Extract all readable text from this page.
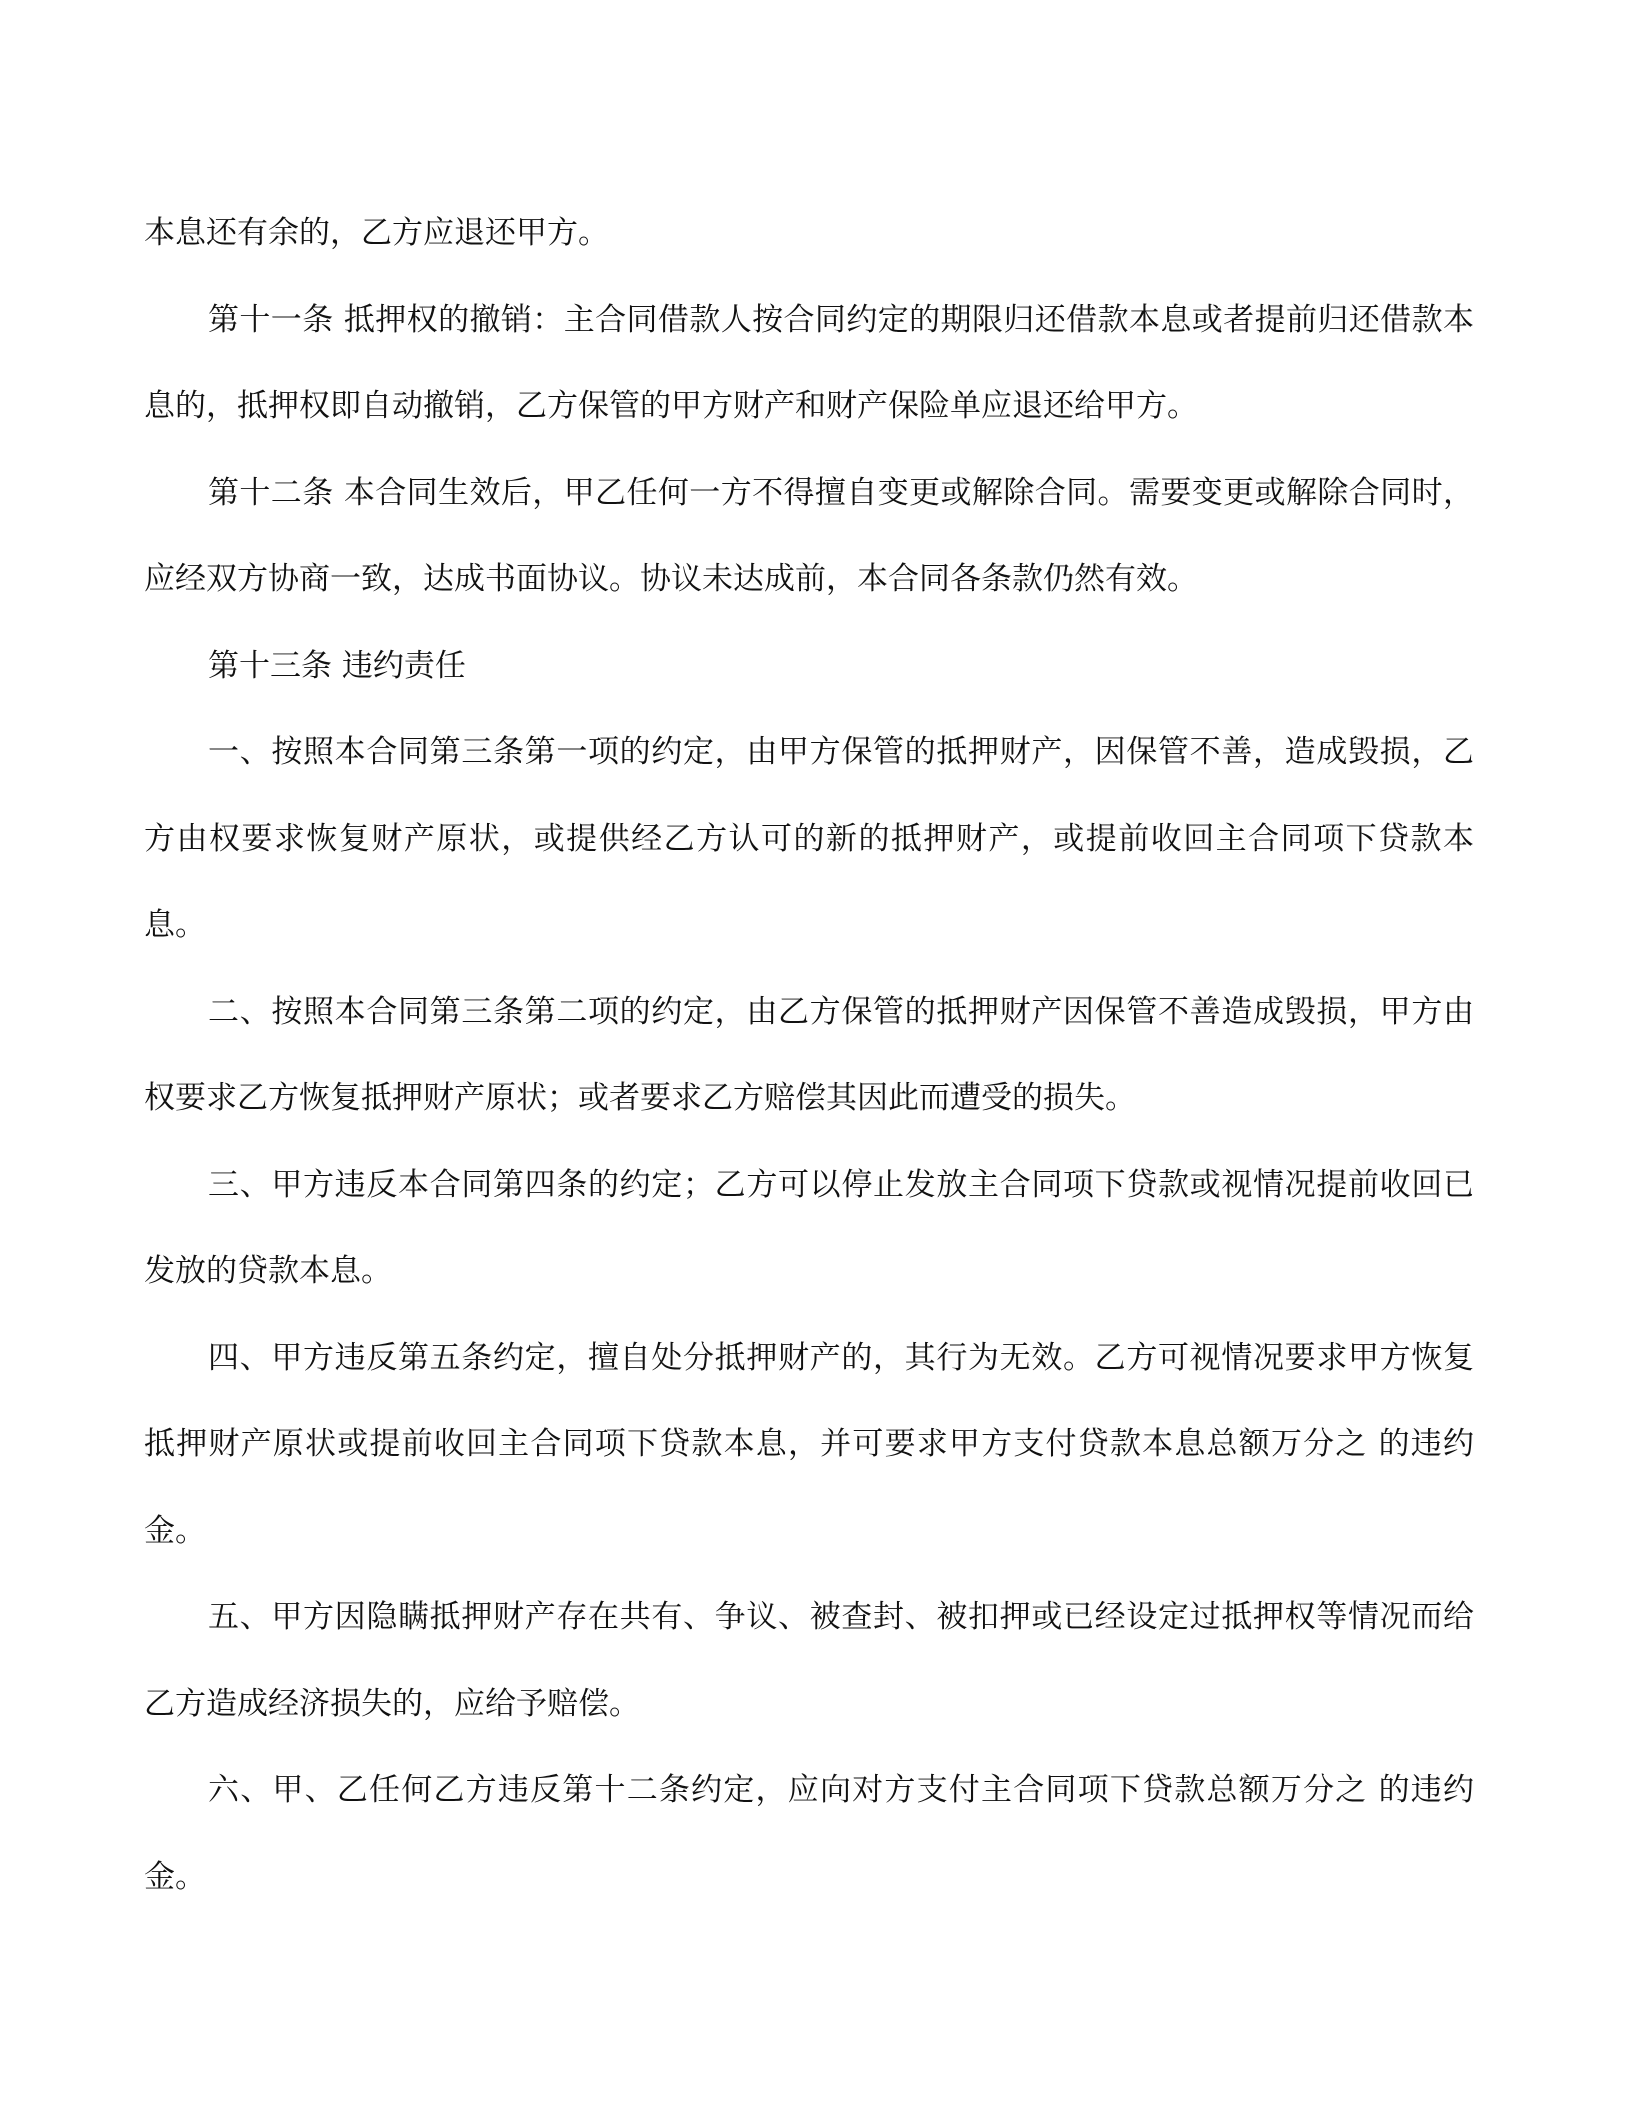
本息还有余的，乙方应退还甲方。

第十一条 抵押权的撤销：主合同借款人按合同约定的期限归还借款本息或者提前归还借款本息的，抵押权即自动撤销，乙方保管的甲方财产和财产保险单应退还给甲方。

第十二条 本合同生效后，甲乙任何一方不得擅自变更或解除合同。需要变更或解除合同时，应经双方协商一致，达成书面协议。协议未达成前，本合同各条款仍然有效。

第十三条 违约责任

一、按照本合同第三条第一项的约定，由甲方保管的抵押财产，因保管不善，造成毁损，乙方由权要求恢复财产原状，或提供经乙方认可的新的抵押财产，或提前收回主合同项下贷款本息。

二、按照本合同第三条第二项的约定，由乙方保管的抵押财产因保管不善造成毁损，甲方由权要求乙方恢复抵押财产原状；或者要求乙方赔偿其因此而遭受的损失。

三、甲方违反本合同第四条的约定；乙方可以停止发放主合同项下贷款或视情况提前收回已发放的贷款本息。

四、甲方违反第五条约定，擅自处分抵押财产的，其行为无效。乙方可视情况要求甲方恢复抵押财产原状或提前收回主合同项下贷款本息，并可要求甲方支付贷款本息总额万分之 的违约金。

五、甲方因隐瞒抵押财产存在共有、争议、被查封、被扣押或已经设定过抵押权等情况而给乙方造成经济损失的，应给予赔偿。

六、甲、乙任何乙方违反第十二条约定，应向对方支付主合同项下贷款总额万分之 的违约金。
